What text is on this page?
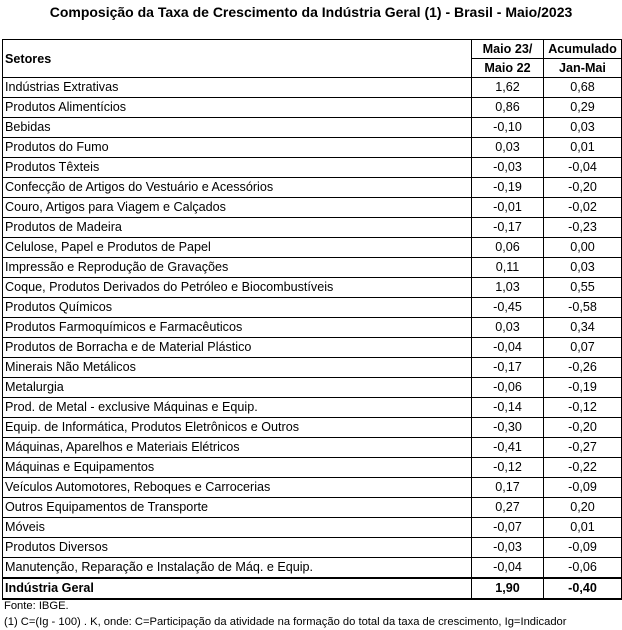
Composição da Taxa de Crescimento da Indústria Geral (1) - Brasil - Maio/2023
Setores	Maio 23/	Acumulado
	Maio 22	Jan-Mai
Indústrias Extrativas	1,62	0,68
Produtos Alimentícios	0,86	0,29
Bebidas	-0,10	0,03
Produtos do Fumo	0,03	0,01
Produtos Têxteis	-0,03	-0,04
Confecção de Artigos do Vestuário e Acessórios	-0,19	-0,20
Couro, Artigos para Viagem e Calçados	-0,01	-0,02
Produtos de Madeira	-0,17	-0,23
Celulose, Papel e Produtos de Papel	0,06	0,00
Impressão e Reprodução de Gravações	0,11	0,03
Coque, Produtos Derivados do Petróleo e Biocombustíveis	1,03	0,55
Produtos Químicos	-0,45	-0,58
Produtos Farmoquímicos e Farmacêuticos	0,03	0,34
Produtos de Borracha e de Material Plástico	-0,04	0,07
Minerais Não Metálicos	-0,17	-0,26
Metalurgia	-0,06	-0,19
Prod. de Metal - exclusive Máquinas e Equip.	-0,14	-0,12
Equip. de Informática, Produtos Eletrônicos e Outros	-0,30	-0,20
Máquinas, Aparelhos e Materiais Elétricos	-0,41	-0,27
Máquinas e Equipamentos	-0,12	-0,22
Veículos Automotores, Reboques e Carrocerias	0,17	-0,09
Outros Equipamentos de Transporte	0,27	0,20
Móveis	-0,07	0,01
Produtos Diversos	-0,03	-0,09
Manutenção, Reparação e Instalação de Máq. e Equip.	-0,04	-0,06
Indústria Geral	1,90	-0,40
Fonte: IBGE.
(1) C=(Ig - 100) . K, onde: C=Participação da atividade na formação do total da taxa de crescimento, Ig=Indicador
